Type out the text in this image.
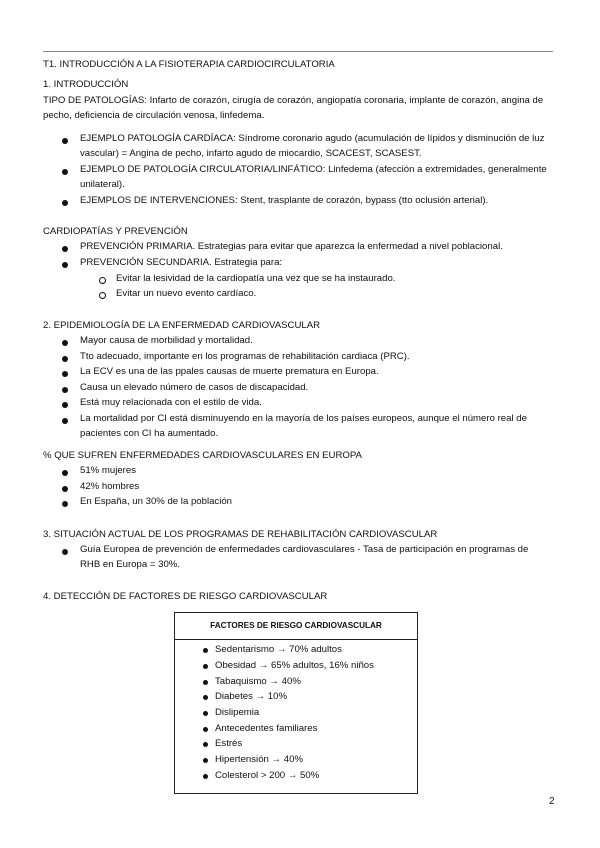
T1. INTRODUCCIÓN A LA FISIOTERAPIA CARDIOCIRCULATORIA
1. INTRODUCCIÓN
TIPO DE PATOLOGÍAS: Infarto de corazón, cirugía de corazón, angiopatía coronaria, implante de corazón, angina de
pecho, deficiencia de circulación venosa, linfedema.
EJEMPLO PATOLOGÍA CARDÍACA: Síndrome coronario agudo (acumulación de lípidos y disminución de luz
vascular) = Angina de pecho, infarto agudo de miocardio, SCACEST, SCASEST.
EJEMPLO DE PATOLOGÍA CIRCULATORIA/LINFÁTICO: Linfedema (afección a extremidades, generalmente
unilateral).
EJEMPLOS DE INTERVENCIONES: Stent, trasplante de corazón, bypass (tto oclusión arterial).
CARDIOPATÍAS Y PREVENCIÓN
PREVENCIÓN PRIMARIA. Estrategias para evitar que aparezca la enfermedad a nivel poblacional.
PREVENCIÓN SECUNDARIA. Estrategia para:
Evitar la lesividad de la cardiopatía una vez que se ha instaurado.
Evitar un nuevo evento cardíaco.
2. EPIDEMIOLOGÍA DE LA ENFERMEDAD CARDIOVASCULAR
Mayor causa de morbilidad y mortalidad.
Tto adecuado, importante en los programas de rehabilitación cardiaca (PRC).
La ECV es una de las ppales causas de muerte prematura en Europa.
Causa un elevado número de casos de discapacidad.
Está muy relacionada con el estilo de vida.
La mortalidad por CI está disminuyendo en la mayoría de los países europeos, aunque el número real de
pacientes con CI ha aumentado.
% QUE SUFREN ENFERMEDADES CARDIOVASCULARES EN EUROPA
51% mujeres
42% hombres
En España, un 30% de la población
3. SITUACIÓN ACTUAL DE LOS PROGRAMAS DE REHABILITACIÓN CARDIOVASCULAR
Guía Europea de prevención de enfermedades cardiovasculares - Tasa de participación en programas de
RHB en Europa = 30%.
4. DETECCIÓN DE FACTORES DE RIESGO CARDIOVASCULAR
FACTORES DE RIESGO CARDIOVASCULAR
Sedentarismo → 70% adultos
Obesidad → 65% adultos, 16% niños
Tabaquismo → 40%
Diabetes → 10%
Dislipemia
Antecedentes familiares
Estrés
Hipertensión → 40%
Colesterol > 200 → 50%
2
